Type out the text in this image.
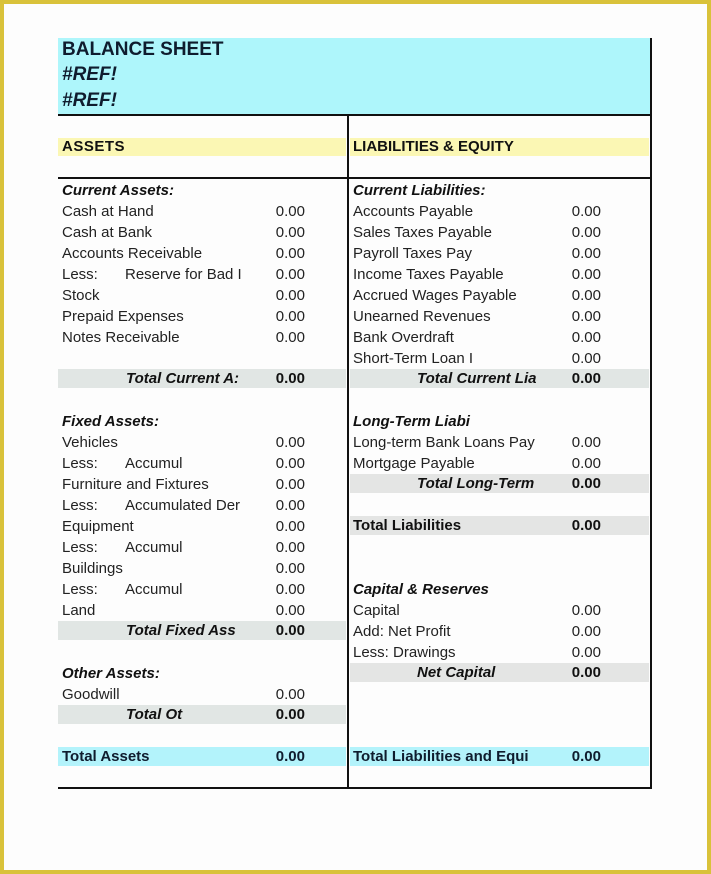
BALANCE SHEET
#REF!
#REF!
ASSETS	LIABILITIES & EQUITY
Current Assets:
Cash at Hand	0.00
Cash at Bank	0.00
Accounts Receivable	0.00
Less:	Reserve for Bad I	0.00
Stock	0.00
Prepaid Expenses	0.00
Notes Receivable	0.00
Total Current A:	0.00
Fixed Assets:
Vehicles	0.00
Less:	Accumul	0.00
Furniture and Fixtures	0.00
Less:	Accumulated Der	0.00
Equipment	0.00
Less:	Accumul	0.00
Buildings	0.00
Less:	Accumul	0.00
Land	0.00
Total Fixed Ass	0.00
Other Assets:
Goodwill	0.00
Total Ot	0.00
Total Assets	0.00
Current Liabilities:
Accounts Payable	0.00
Sales Taxes Payable	0.00
Payroll Taxes Pay	0.00
Income Taxes Payable	0.00
Accrued Wages Payable	0.00
Unearned Revenues	0.00
Bank Overdraft	0.00
Short-Term Loan I	0.00
Total Current Lia	0.00
Long-Term Liabi
Long-term Bank Loans Pay	0.00
Mortgage Payable	0.00
Total Long-Term	0.00
Total Liabilities	0.00
Capital & Reserves
Capital	0.00
Add: Net Profit	0.00
Less: Drawings	0.00
Net Capital	0.00
Total Liabilities and Equi	0.00
